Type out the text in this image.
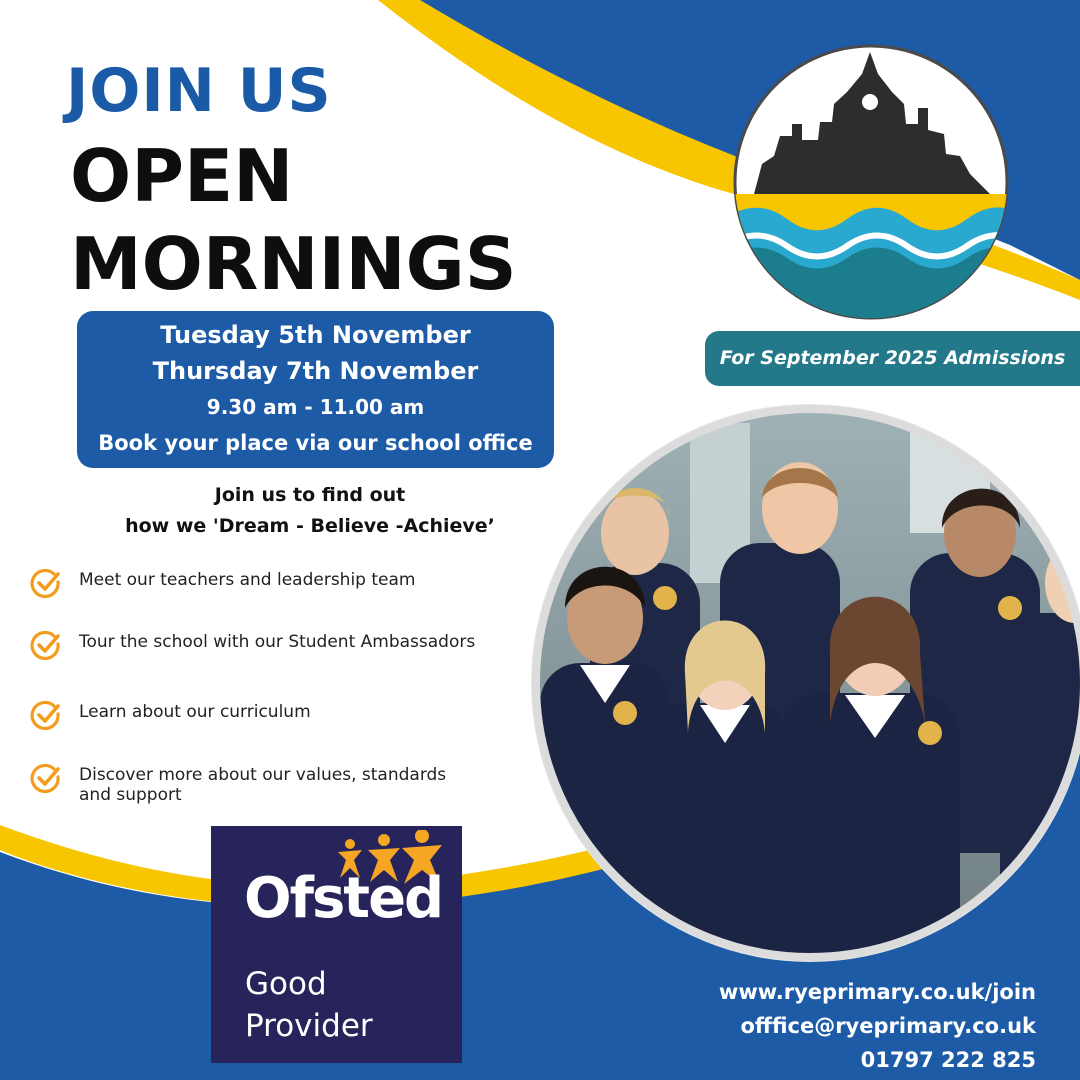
JOIN US
OPEN
MORNINGS
Tuesday 5th November
Thursday 7th November
9.30 am - 11.00 am
Book your place via our school office
Join us to find out
how we 'Dream - Believe -Achieve’
Meet our teachers and leadership team
Tour the school with our Student Ambassadors
Learn about our curriculum
Discover more about our values, standards
and support
For September 2025 Admissions
Ofsted
Good
Provider
www.ryeprimary.co.uk/join
offfice@ryeprimary.co.uk
01797 222 825
